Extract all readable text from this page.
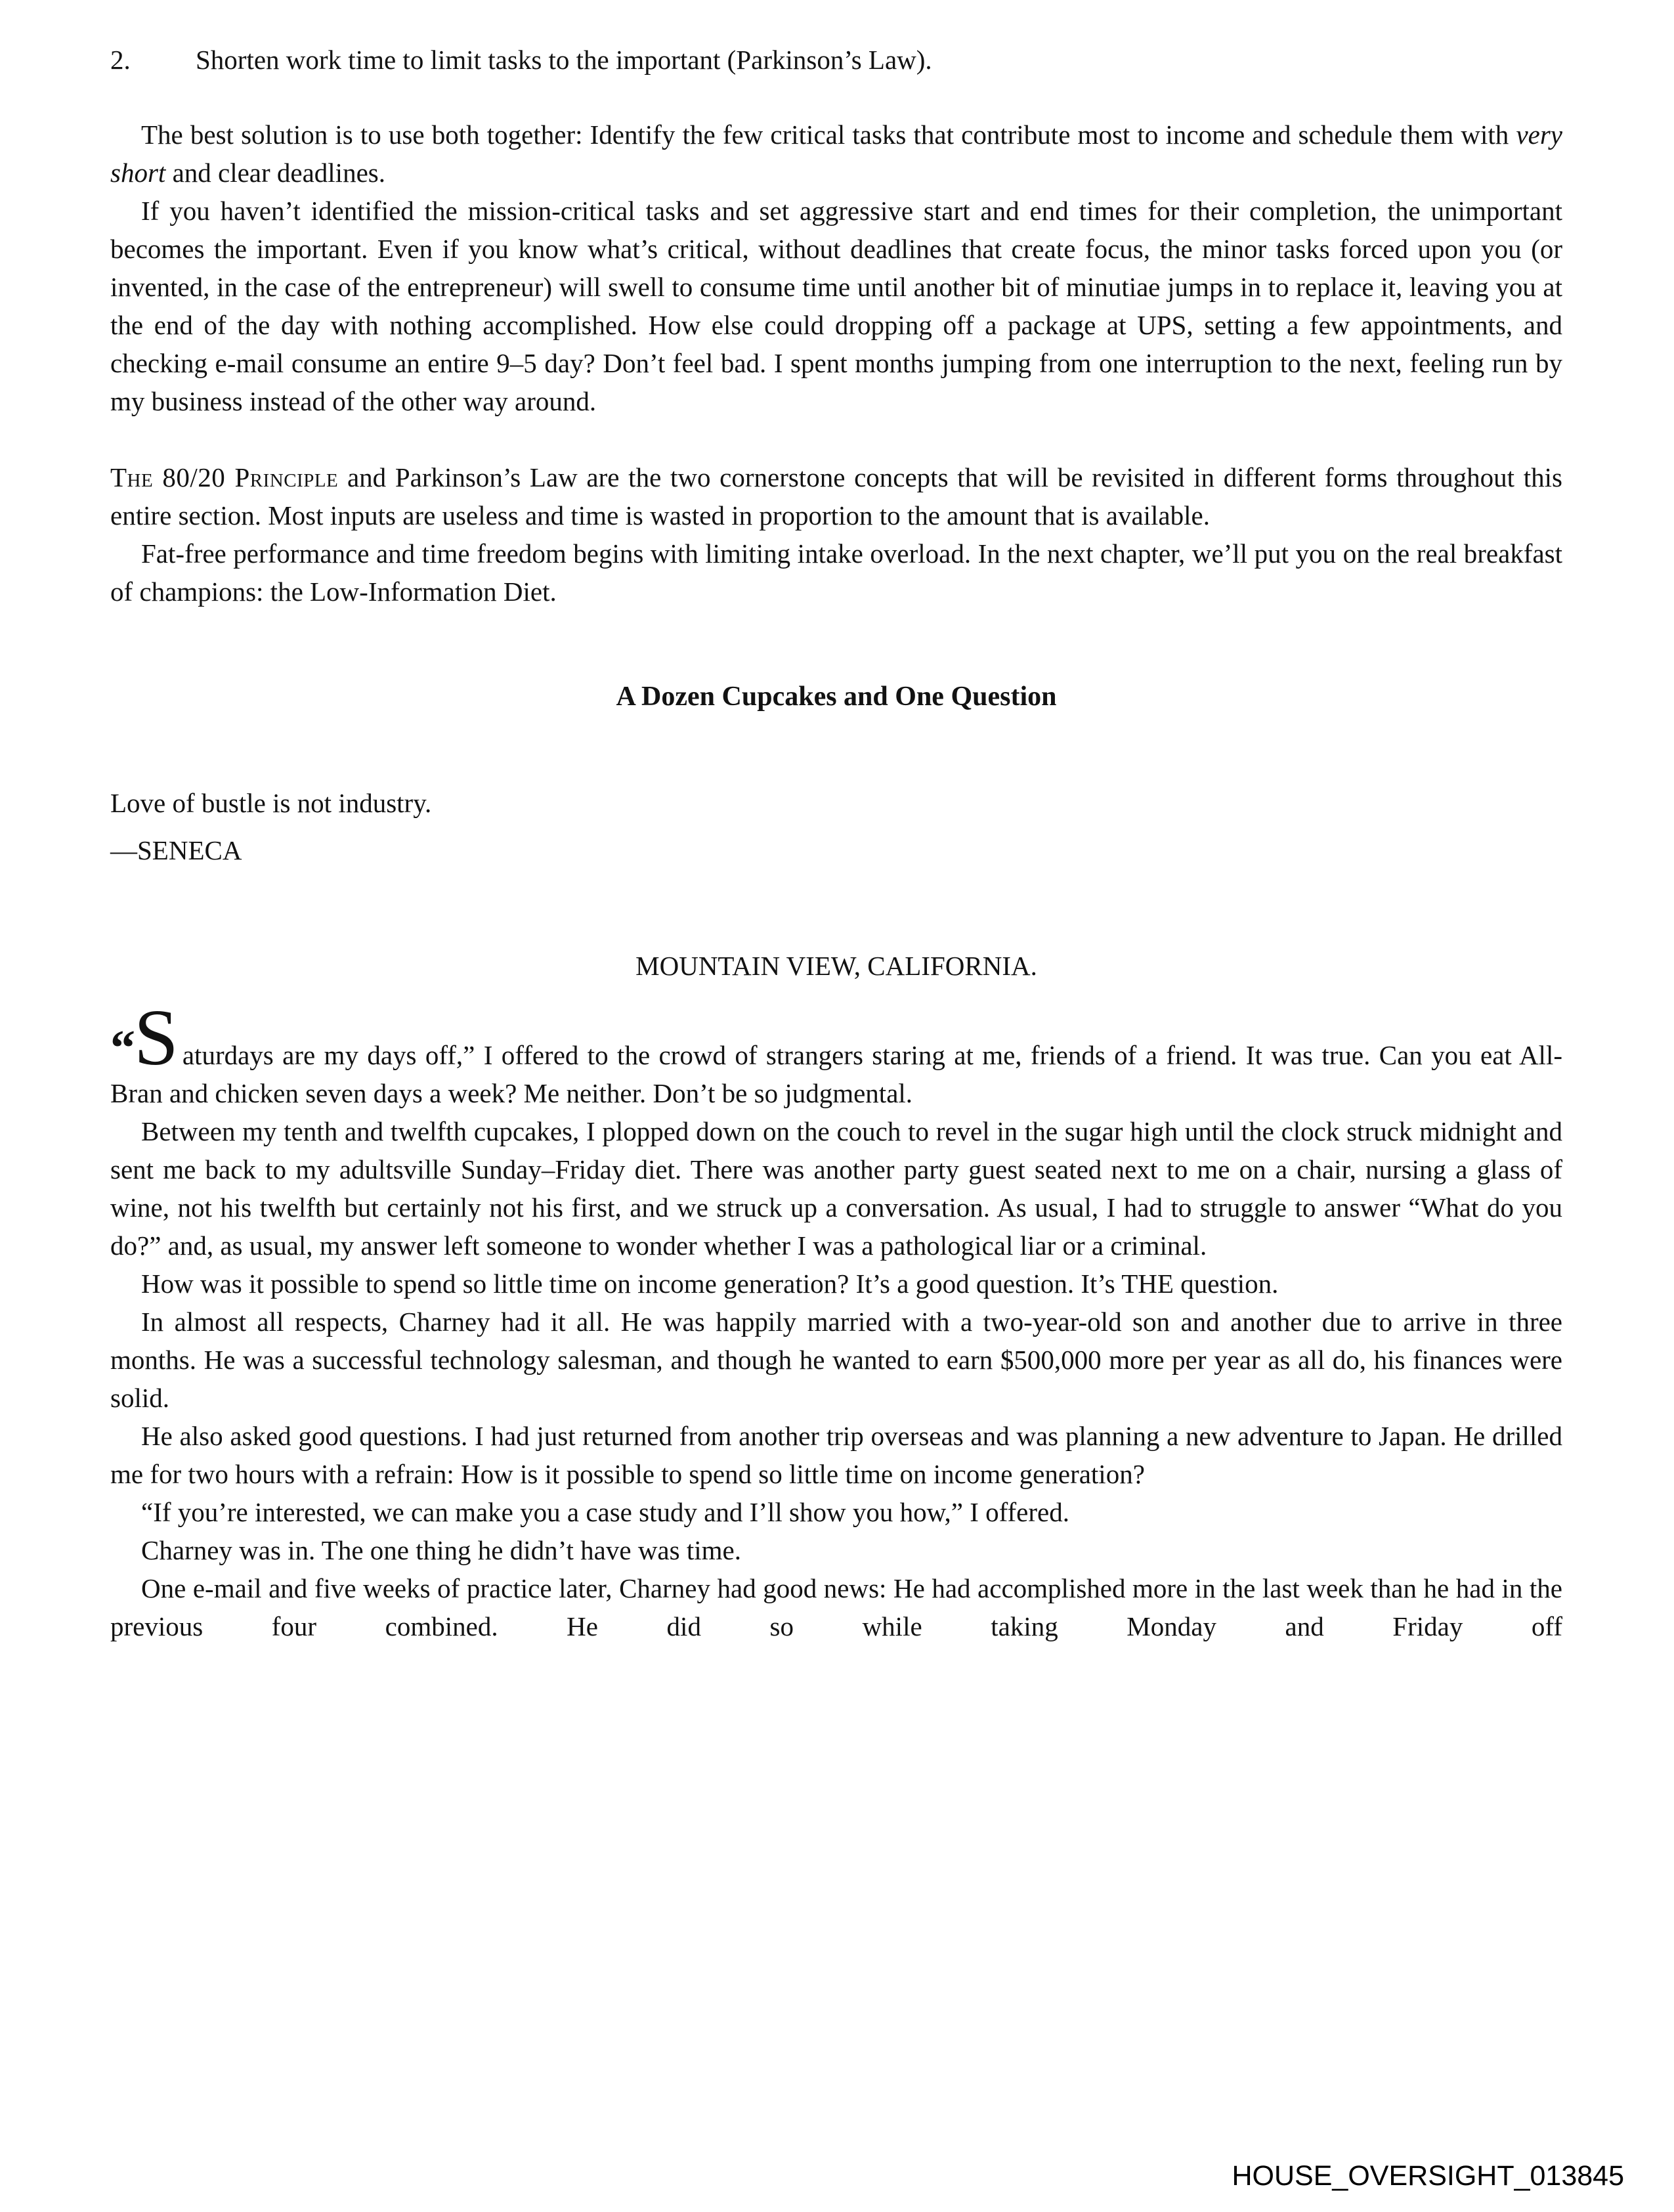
2.	Shorten work time to limit tasks to the important (Parkinson’s Law).

The best solution is to use both together: Identify the few critical tasks that contribute most to income and schedule them with very short and clear deadlines.

If you haven’t identified the mission-critical tasks and set aggressive start and end times for their completion, the unimportant becomes the important. Even if you know what’s critical, without deadlines that create focus, the minor tasks forced upon you (or invented, in the case of the entrepreneur) will swell to consume time until another bit of minutiae jumps in to replace it, leaving you at the end of the day with nothing accomplished. How else could dropping off a package at UPS, setting a few appointments, and checking e-mail consume an entire 9–5 day? Don’t feel bad. I spent months jumping from one interruption to the next, feeling run by my business instead of the other way around.

The 80/20 Principle and Parkinson’s Law are the two cornerstone concepts that will be revisited in different forms throughout this entire section. Most inputs are useless and time is wasted in proportion to the amount that is available.

Fat-free performance and time freedom begins with limiting intake overload. In the next chapter, we’ll put you on the real breakfast of champions: the Low-Information Diet.

A Dozen Cupcakes and One Question

Love of bustle is not industry.

—SENECA

MOUNTAIN VIEW, CALIFORNIA.

“S aturdays are my days off,” I offered to the crowd of strangers staring at me, friends of a friend. It was true. Can you eat All-Bran and chicken seven days a week? Me neither. Don’t be so judgmental.

Between my tenth and twelfth cupcakes, I plopped down on the couch to revel in the sugar high until the clock struck midnight and sent me back to my adultsville Sunday–Friday diet. There was another party guest seated next to me on a chair, nursing a glass of wine, not his twelfth but certainly not his first, and we struck up a conversation. As usual, I had to struggle to answer “What do you do?” and, as usual, my answer left someone to wonder whether I was a pathological liar or a criminal.

How was it possible to spend so little time on income generation? It’s a good question. It’s THE question.

In almost all respects, Charney had it all. He was happily married with a two-year-old son and another due to arrive in three months. He was a successful technology salesman, and though he wanted to earn $500,000 more per year as all do, his finances were solid.

He also asked good questions. I had just returned from another trip overseas and was planning a new adventure to Japan. He drilled me for two hours with a refrain: How is it possible to spend so little time on income generation?

“If you’re interested, we can make you a case study and I’ll show you how,” I offered.

Charney was in. The one thing he didn’t have was time.

One e-mail and five weeks of practice later, Charney had good news: He had accomplished more in the last week than he had in the previous four combined. He did so while taking Monday and Friday off

HOUSE_OVERSIGHT_013845
